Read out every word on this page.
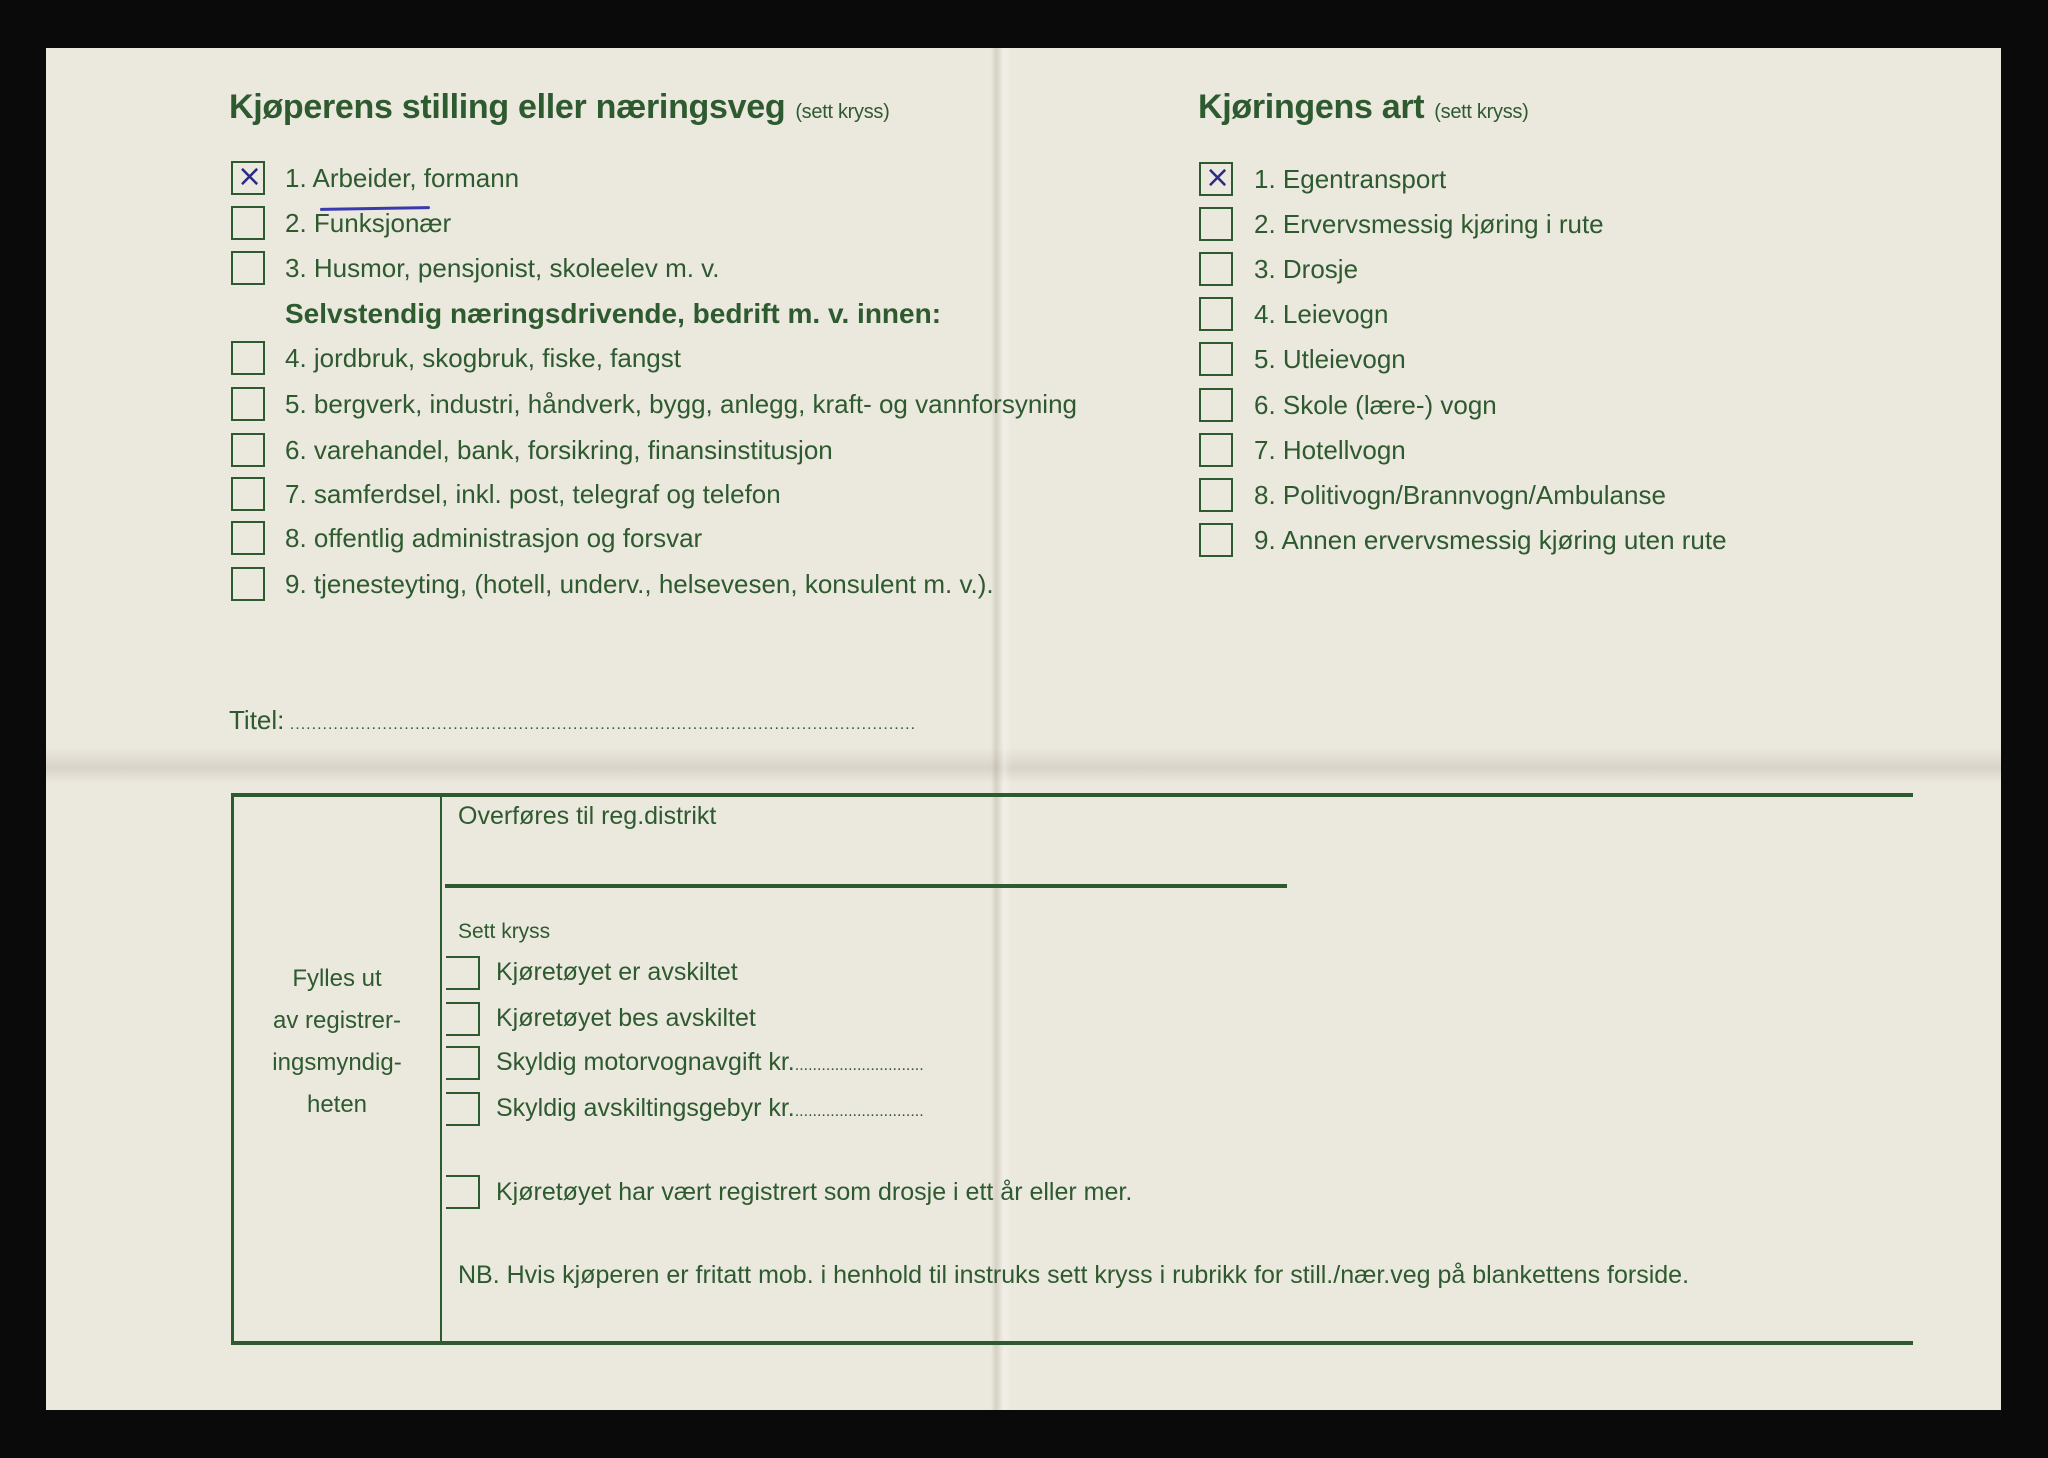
Kjøperens stilling eller næringsveg (sett kryss)
× 1. Arbeider, formann
2. Funksjonær
3. Husmor, pensjonist, skoleelev m. v.
Selvstendig næringsdrivende, bedrift m. v. innen:
4. jordbruk, skogbruk, fiske, fangst
5. bergverk, industri, håndverk, bygg, anlegg, kraft- og vannforsyning
6. varehandel, bank, forsikring, finansinstitusjon
7. samferdsel, inkl. post, telegraf og telefon
8. offentlig administrasjon og forsvar
9. tjenesteyting, (hotell, underv., helsevesen, konsulent m. v.).
Titel: ...................................................................................................................
Kjøringens art (sett kryss)
× 1. Egentransport
2. Ervervsmessig kjøring i rute
3. Drosje
4. Leievogn
5. Utleievogn
6. Skole (lære-) vogn
7. Hotellvogn
8. Politivogn/Brannvogn/Ambulanse
9. Annen ervervsmessig kjøring uten rute
Fylles ut
av registrer-
ingsmyndig-
heten
Overføres til reg.distrikt
Sett kryss
Kjøretøyet er avskiltet
Kjøretøyet bes avskiltet
Skyldig motorvognavgift kr..............................
Skyldig avskiltingsgebyr kr..............................
Kjøretøyet har vært registrert som drosje i ett år eller mer.
NB. Hvis kjøperen er fritatt mob. i henhold til instruks sett kryss i rubrikk for still./nær.veg på blankettens forside.
